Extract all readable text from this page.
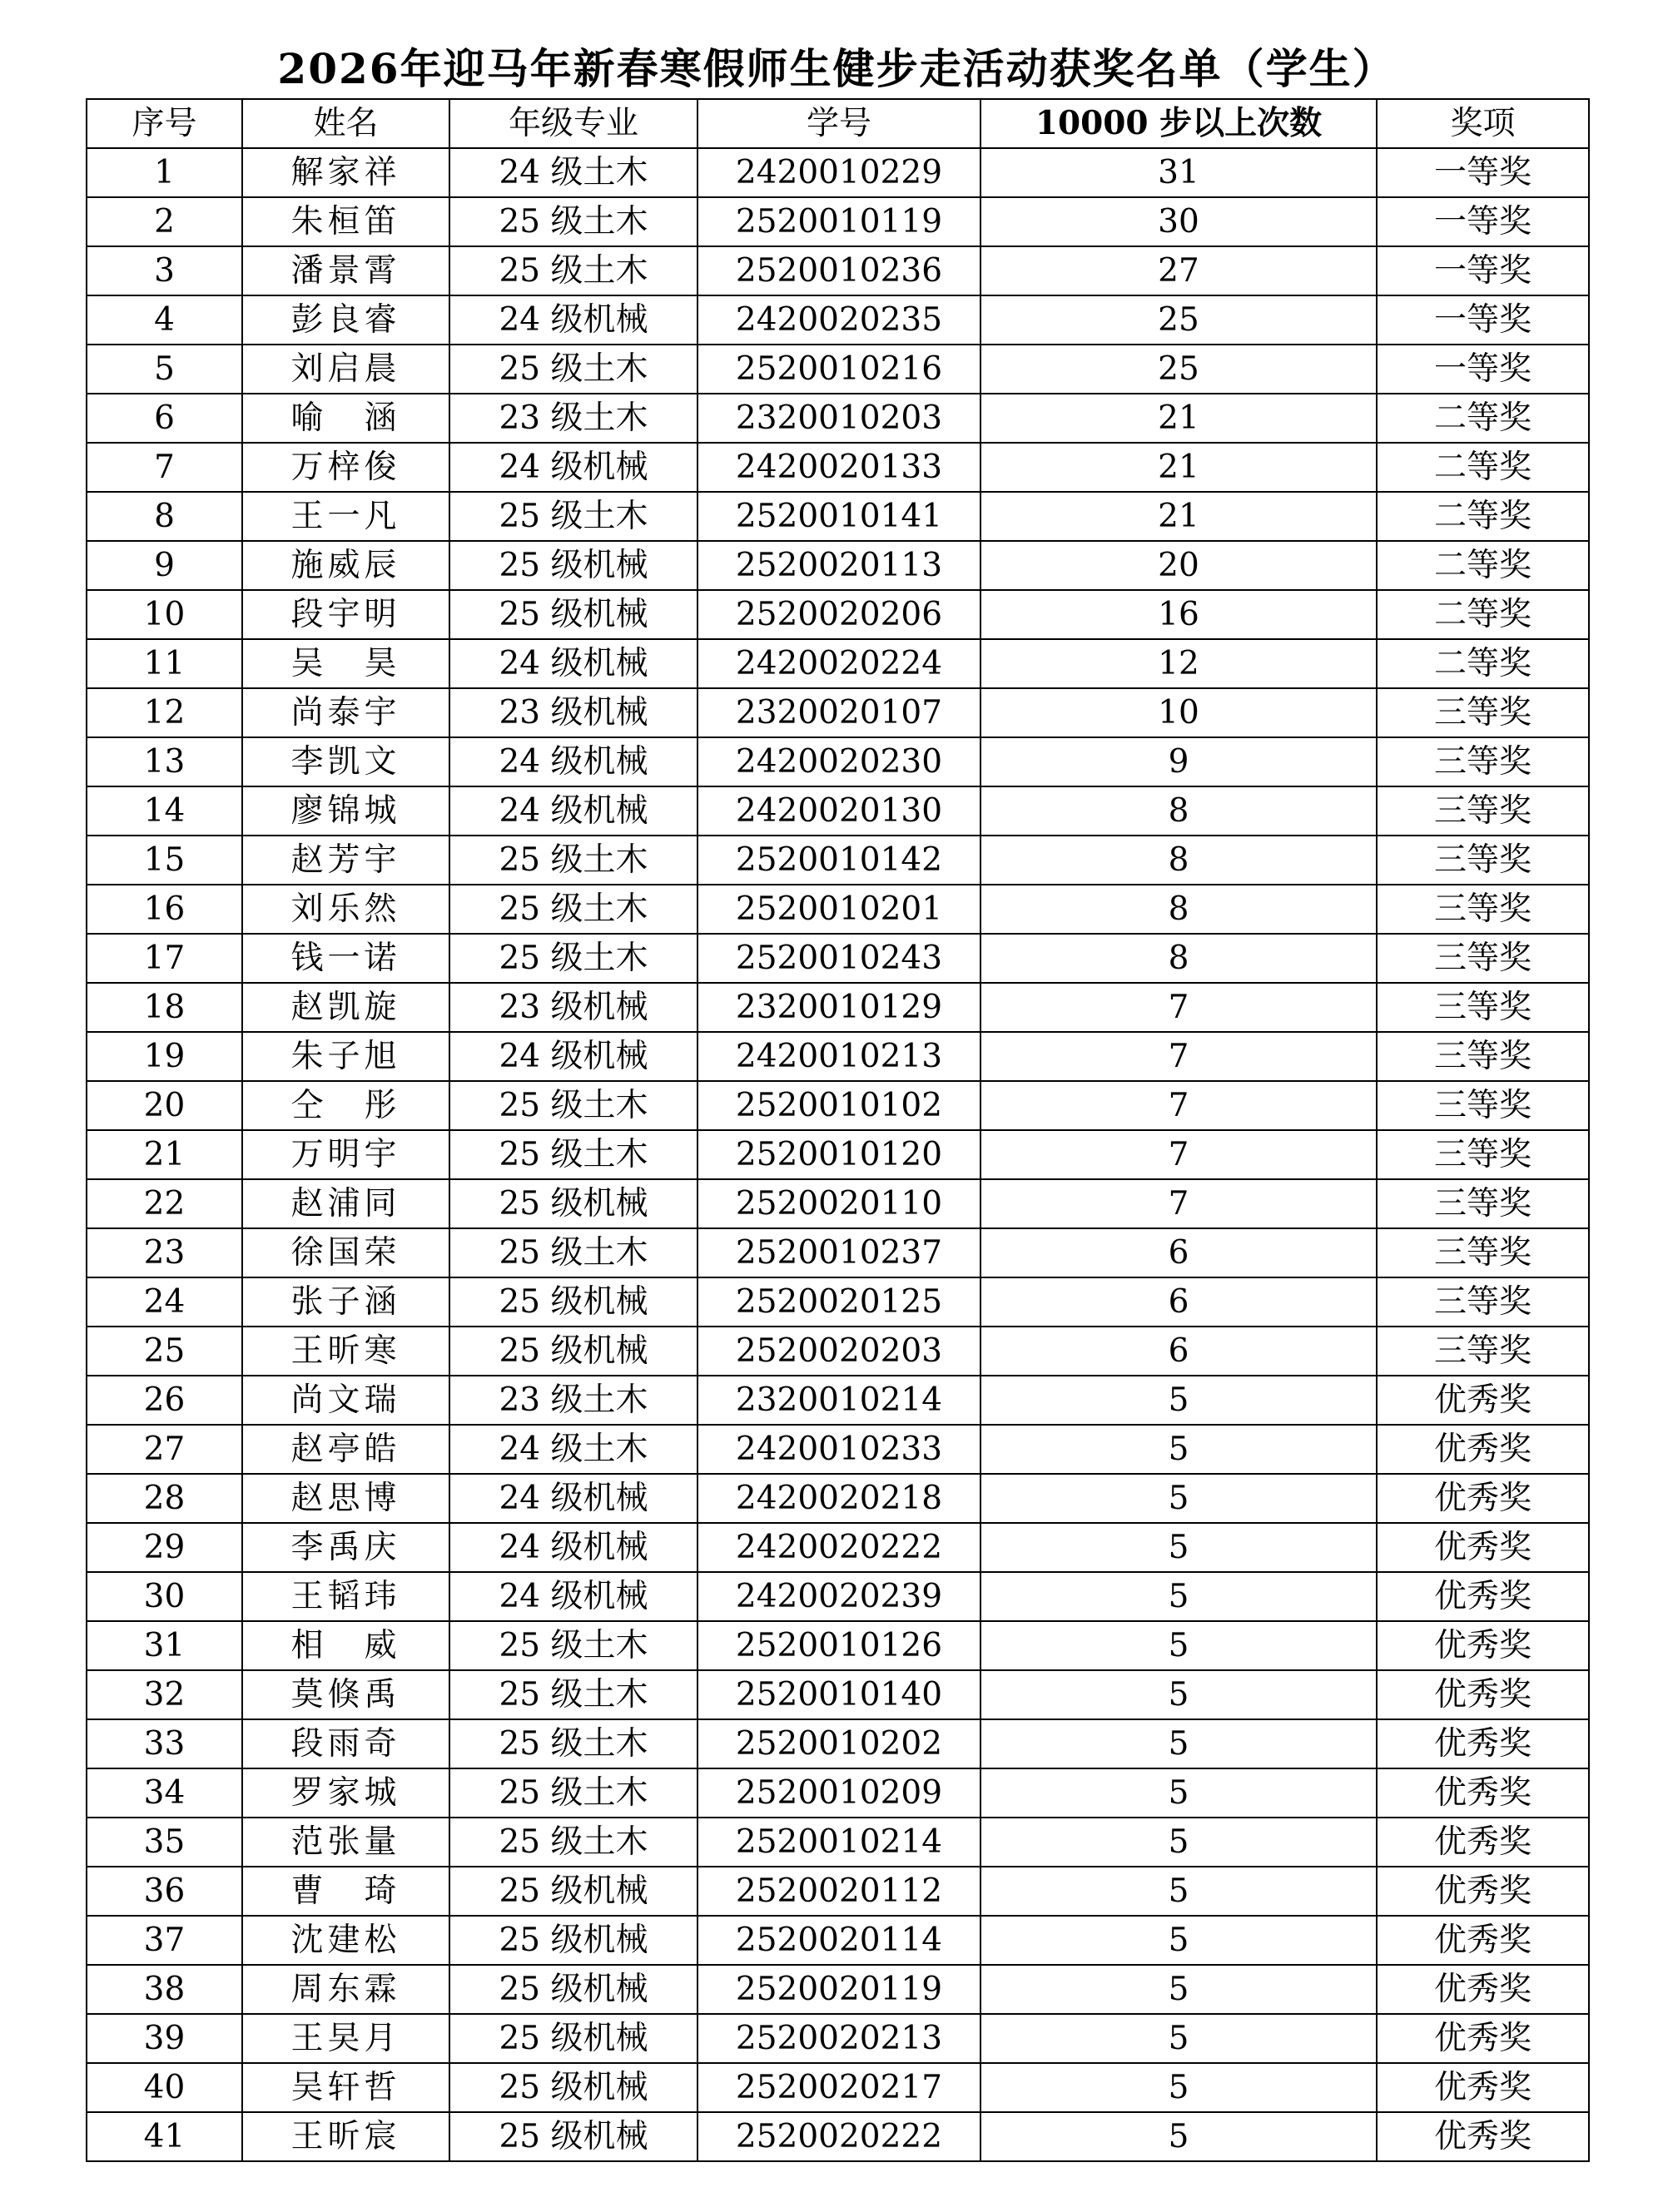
2026年迎马年新春寒假师生健步走活动获奖名单（学生）
序号	姓名	年级专业	学号	10000 步以上次数	奖项
1	解家祥	24 级土木	2420010229	31	一等奖
2	朱桓笛	25 级土木	2520010119	30	一等奖
3	潘景霄	25 级土木	2520010236	27	一等奖
4	彭良睿	24 级机械	2420020235	25	一等奖
5	刘启晨	25 级土木	2520010216	25	一等奖
6	喻　涵	23 级土木	2320010203	21	二等奖
7	万梓俊	24 级机械	2420020133	21	二等奖
8	王一凡	25 级土木	2520010141	21	二等奖
9	施威辰	25 级机械	2520020113	20	二等奖
10	段宇明	25 级机械	2520020206	16	二等奖
11	吴　昊	24 级机械	2420020224	12	二等奖
12	尚泰宇	23 级机械	2320020107	10	三等奖
13	李凯文	24 级机械	2420020230	9	三等奖
14	廖锦城	24 级机械	2420020130	8	三等奖
15	赵芳宇	25 级土木	2520010142	8	三等奖
16	刘乐然	25 级土木	2520010201	8	三等奖
17	钱一诺	25 级土木	2520010243	8	三等奖
18	赵凯旋	23 级机械	2320010129	7	三等奖
19	朱子旭	24 级机械	2420010213	7	三等奖
20	仝　彤	25 级土木	2520010102	7	三等奖
21	万明宇	25 级土木	2520010120	7	三等奖
22	赵浦同	25 级机械	2520020110	7	三等奖
23	徐国荣	25 级土木	2520010237	6	三等奖
24	张子涵	25 级机械	2520020125	6	三等奖
25	王昕寒	25 级机械	2520020203	6	三等奖
26	尚文瑞	23 级土木	2320010214	5	优秀奖
27	赵亭皓	24 级土木	2420010233	5	优秀奖
28	赵思博	24 级机械	2420020218	5	优秀奖
29	李禹庆	24 级机械	2420020222	5	优秀奖
30	王韬玮	24 级机械	2420020239	5	优秀奖
31	相　威	25 级土木	2520010126	5	优秀奖
32	莫倏禹	25 级土木	2520010140	5	优秀奖
33	段雨奇	25 级土木	2520010202	5	优秀奖
34	罗家城	25 级土木	2520010209	5	优秀奖
35	范张量	25 级土木	2520010214	5	优秀奖
36	曹　琦	25 级机械	2520020112	5	优秀奖
37	沈建松	25 级机械	2520020114	5	优秀奖
38	周东霖	25 级机械	2520020119	5	优秀奖
39	王旲月	25 级机械	2520020213	5	优秀奖
40	吴轩哲	25 级机械	2520020217	5	优秀奖
41	王昕宸	25 级机械	2520020222	5	优秀奖
